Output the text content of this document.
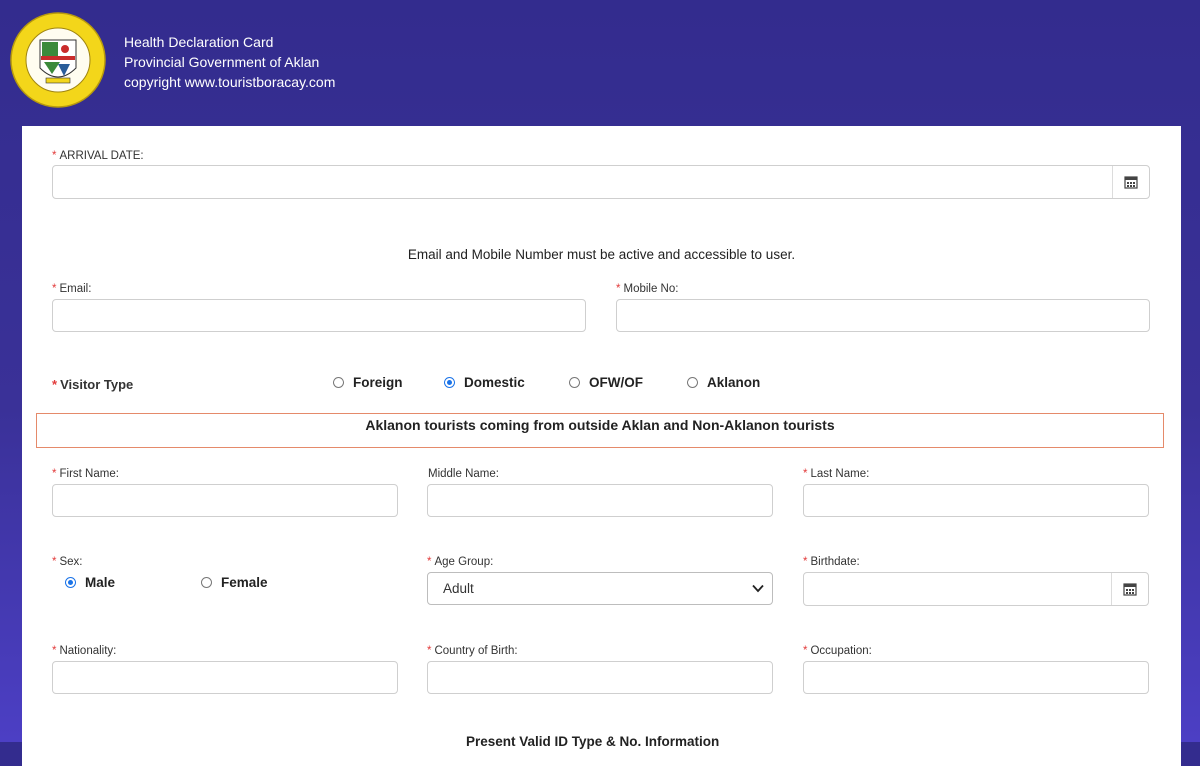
Health Declaration Card
Provincial Government of Aklan
copyright www.touristboracay.com
* ARRIVAL DATE:
Email and Mobile Number must be active and accessible to user.
* Email:	* Mobile No:
* Visitor Type	Foreign	Domestic	OFW/OF	Aklanon
Aklanon tourists coming from outside Aklan and Non-Aklanon tourists
* First Name:	Middle Name:	* Last Name:
* Sex:
Male	Female
* Age Group:
Adult
* Birthdate:
* Nationality:	* Country of Birth:	* Occupation:
Present Valid ID Type & No. Information
